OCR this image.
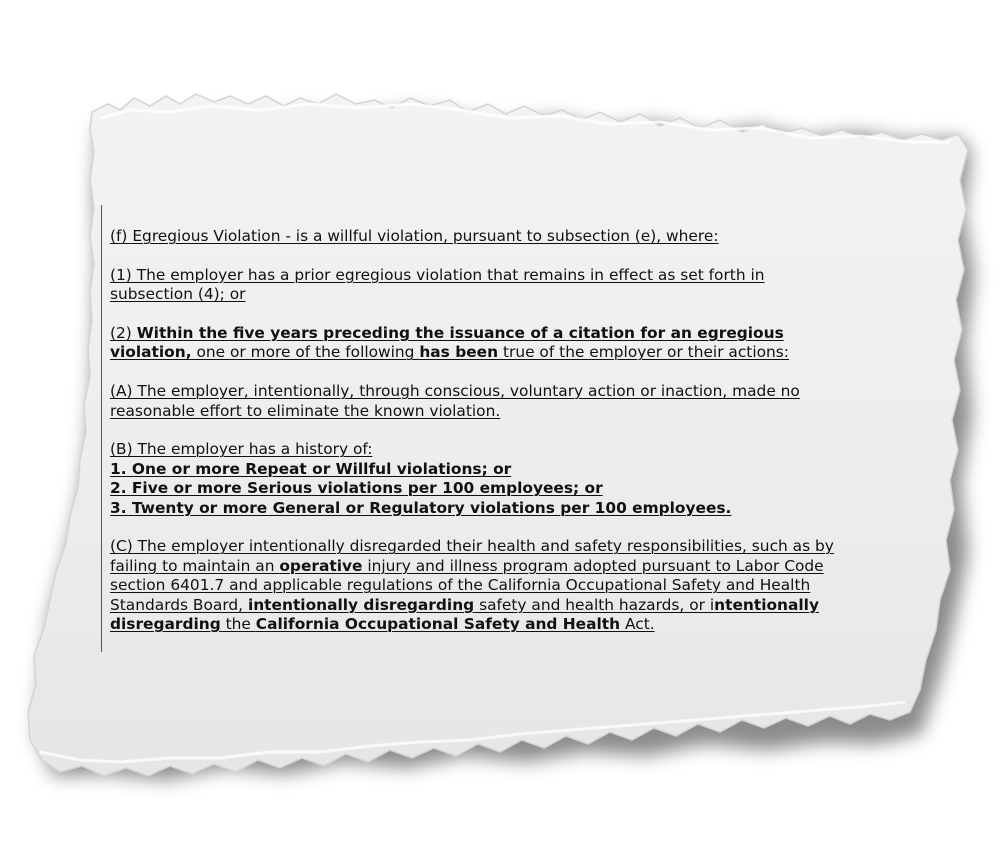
(f) Egregious Violation - is a willful violation, pursuant to subsection (e), where:

(1) The employer has a prior egregious violation that remains in effect as set forth in
subsection (4); or

(2) Within the five years preceding the issuance of a citation for an egregious
violation, one or more of the following has been true of the employer or their actions:

(A) The employer, intentionally, through conscious, voluntary action or inaction, made no
reasonable effort to eliminate the known violation.

(B) The employer has a history of:
1. One or more Repeat or Willful violations; or
2. Five or more Serious violations per 100 employees; or
3. Twenty or more General or Regulatory violations per 100 employees.

(C) The employer intentionally disregarded their health and safety responsibilities, such as by
failing to maintain an operative injury and illness program adopted pursuant to Labor Code
section 6401.7 and applicable regulations of the California Occupational Safety and Health
Standards Board, intentionally disregarding safety and health hazards, or intentionally
disregarding the California Occupational Safety and Health Act.
